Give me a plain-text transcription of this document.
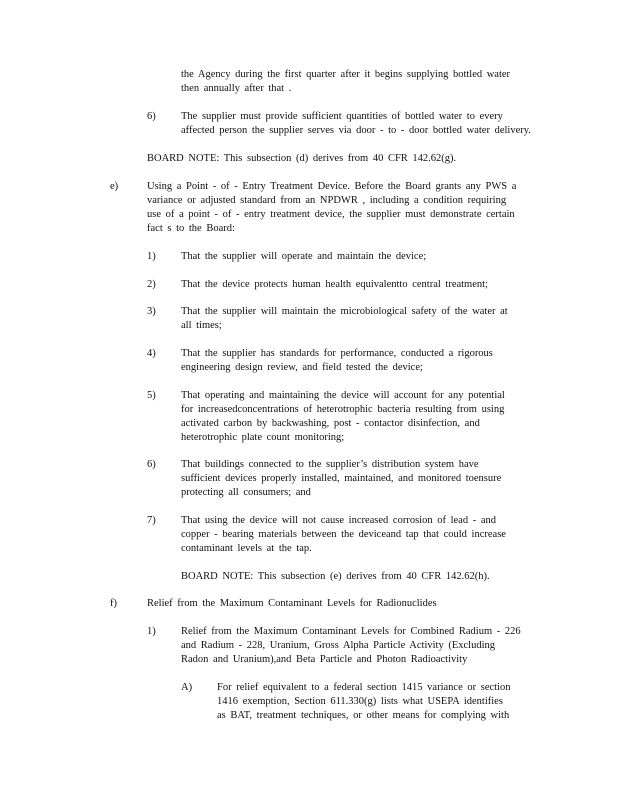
the Agency during the first quarter after it begins supplying bottled water
then annually after that .
6) The supplier must provide sufficient quantities of bottled water to every
affected person the supplier serves via door - to - door bottled water delivery.
BOARD NOTE: This subsection (d) derives from 40 CFR 142.62(g).
e)	Using a Point - of - Entry Treatment Device. Before the Board grants any PWS a
variance or adjusted standard from an NPDWR , including a condition requiring
use of a point - of - entry treatment device, the supplier must demonstrate certain
fact s to the Board:
1) That the supplier will operate and maintain the device;
2) That the device protects human health equivalentto central treatment;
3) That the supplier will maintain the microbiological safety of the water at
all times;
4) That the supplier has standards for performance, conducted a rigorous
engineering design review, and field tested the device;
5) That operating and maintaining the device will account for any potential
for increasedconcentrations of heterotrophic bacteria resulting from using
activated carbon by backwashing, post - contactor disinfection, and
heterotrophic plate count monitoring;
6) That buildings connected to the supplier’s distribution system have
sufficient devices properly installed, maintained, and monitored toensure
protecting all consumers; and
7) That using the device will not cause increased corrosion of lead - and
copper - bearing materials between the deviceand tap that could increase
contaminant levels at the tap.
BOARD NOTE: This subsection (e) derives from 40 CFR 142.62(h).
f)	Relief from the Maximum Contaminant Levels for Radionuclides
1) Relief from the Maximum Contaminant Levels for Combined Radium - 226
and Radium - 228, Uranium, Gross Alpha Particle Activity (Excluding
Radon and Uranium),and Beta Particle and Photon Radioactivity
A) For relief equivalent to a federal section 1415 variance or section
1416 exemption, Section 611.330(g) lists what USEPA identifies
as BAT, treatment techniques, or other means for complying with
